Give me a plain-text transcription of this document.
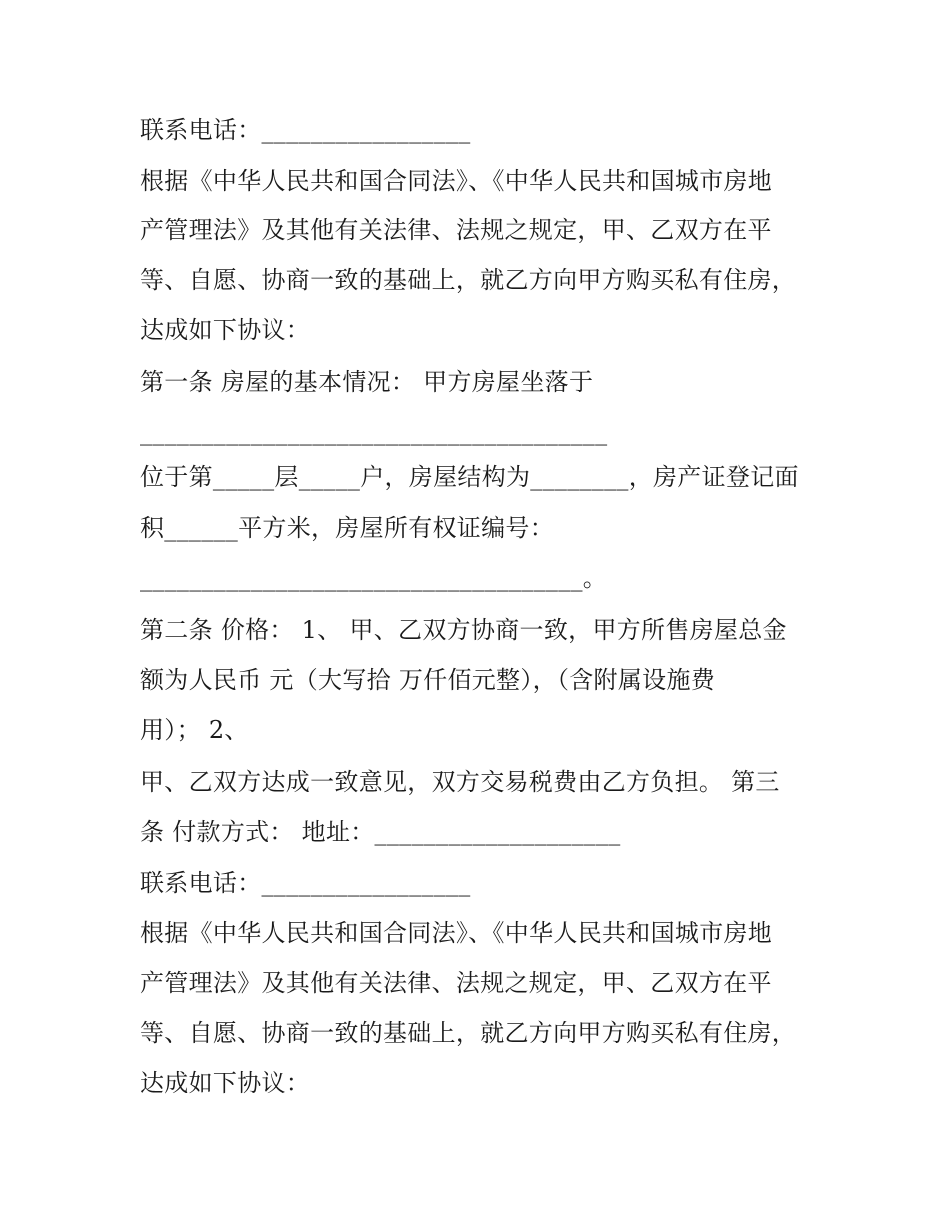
联系电话：_________________
根据《中华人民共和国合同法》、《中华人民共和国城市房地
产管理法》及其他有关法律、法规之规定，甲、乙双方在平
等、自愿、协商一致的基础上，就乙方向甲方购买私有住房，
达成如下协议：
第一条 房屋的基本情况： 甲方房屋坐落于
______________________________________
位于第_____层_____户，房屋结构为________，房产证登记面
积______平方米，房屋所有权证编号：
____________________________________。
第二条 价格： 1、 甲、乙双方协商一致，甲方所售房屋总金
额为人民币 元（大写拾 万仟佰元整），（含附属设施费
用）； 2、
甲、乙双方达成一致意见，双方交易税费由乙方负担。 第三
条 付款方式： 地址：____________________
联系电话：_________________
根据《中华人民共和国合同法》、《中华人民共和国城市房地
产管理法》及其他有关法律、法规之规定，甲、乙双方在平
等、自愿、协商一致的基础上，就乙方向甲方购买私有住房，
达成如下协议：
